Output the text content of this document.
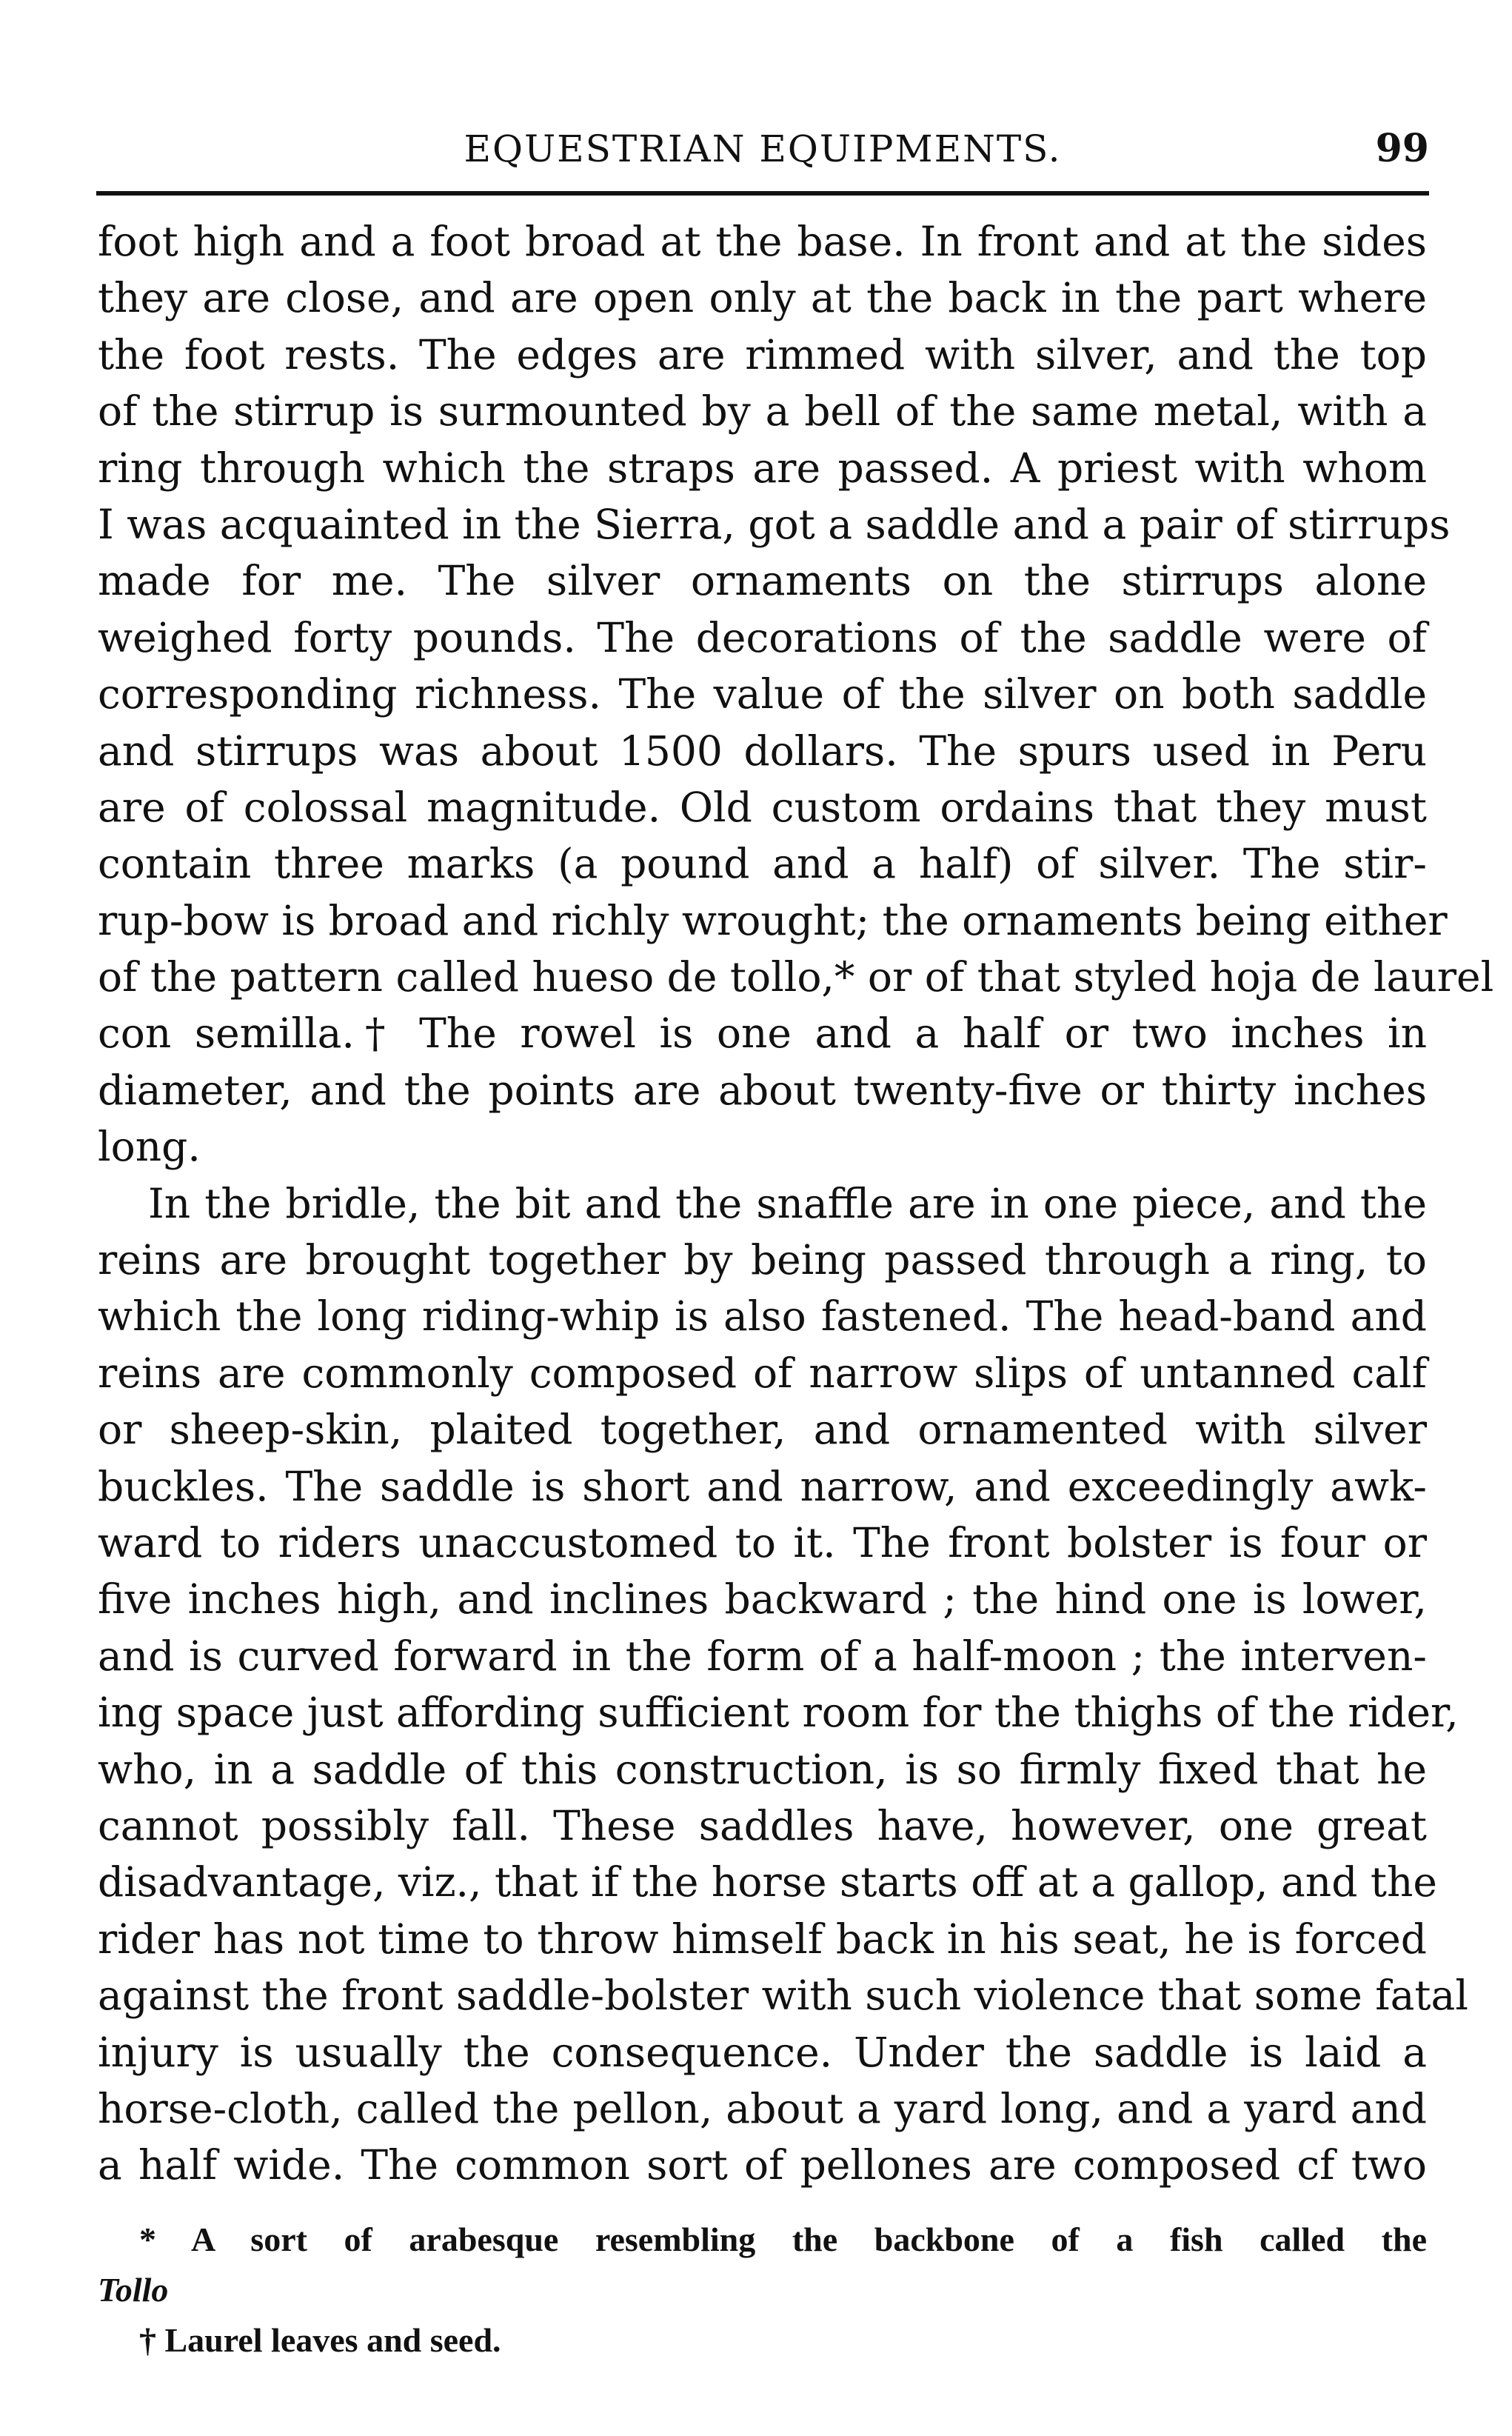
EQUESTRIAN EQUIPMENTS.	99
foot high and a foot broad at the base. In front and at the sides
they are close, and are open only at the back in the part where
the foot rests. The edges are rimmed with silver, and the top
of the stirrup is surmounted by a bell of the same metal, with a
ring through which the straps are passed. A priest with whom
I was acquainted in the Sierra, got a saddle and a pair of stirrups
made for me. The silver ornaments on the stirrups alone
weighed forty pounds. The decorations of the saddle were of
corresponding richness. The value of the silver on both saddle
and stirrups was about 1500 dollars. The spurs used in Peru
are of colossal magnitude. Old custom ordains that they must
contain three marks (a pound and a half) of silver. The stir-
rup-bow is broad and richly wrought; the ornaments being either
of the pattern called hueso de tollo,* or of that styled hoja de laurel
con semilla.† The rowel is one and a half or two inches in
diameter, and the points are about twenty-five or thirty inches
long.
In the bridle, the bit and the snaffle are in one piece, and the
reins are brought together by being passed through a ring, to
which the long riding-whip is also fastened. The head-band and
reins are commonly composed of narrow slips of untanned calf
or sheep-skin, plaited together, and ornamented with silver
buckles. The saddle is short and narrow, and exceedingly awk-
ward to riders unaccustomed to it. The front bolster is four or
five inches high, and inclines backward ; the hind one is lower,
and is curved forward in the form of a half-moon ; the interven-
ing space just affording sufficient room for the thighs of the rider,
who, in a saddle of this construction, is so firmly fixed that he
cannot possibly fall. These saddles have, however, one great
disadvantage, viz., that if the horse starts off at a gallop, and the
rider has not time to throw himself back in his seat, he is forced
against the front saddle-bolster with such violence that some fatal
injury is usually the consequence. Under the saddle is laid a
horse-cloth, called the pellon, about a yard long, and a yard and
a half wide. The common sort of pellones are composed cf two
* A sort of arabesque resembling the backbone of a fish called the
Tollo
† Laurel leaves and seed.
